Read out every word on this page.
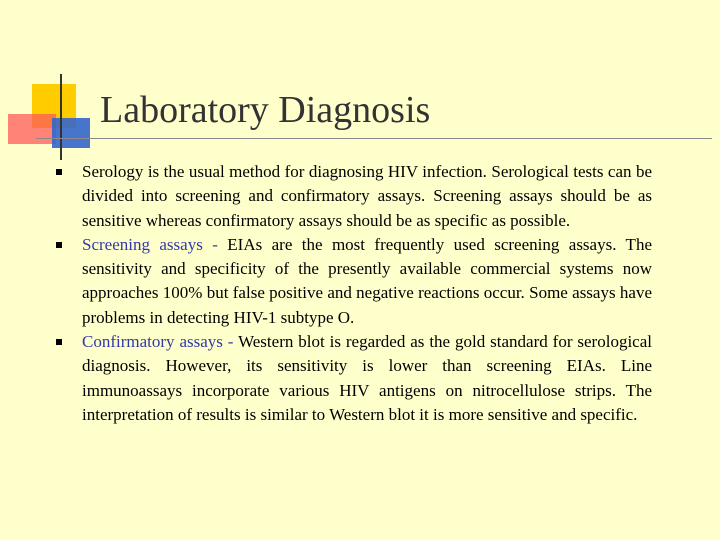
Laboratory Diagnosis

Serology is the usual method for diagnosing HIV infection. Serological tests can be divided into screening and confirmatory assays. Screening assays should be as sensitive whereas confirmatory assays should be as specific as possible.

Screening assays - EIAs are the most frequently used screening assays. The sensitivity and specificity of the presently available commercial systems now approaches 100% but false positive and negative reactions occur. Some assays have problems in detecting HIV-1 subtype O.

Confirmatory assays - Western blot is regarded as the gold standard for serological diagnosis. However, its sensitivity is lower than screening EIAs. Line immunoassays incorporate various HIV antigens on nitrocellulose strips. The interpretation of results is similar to Western blot it is more sensitive and specific.
